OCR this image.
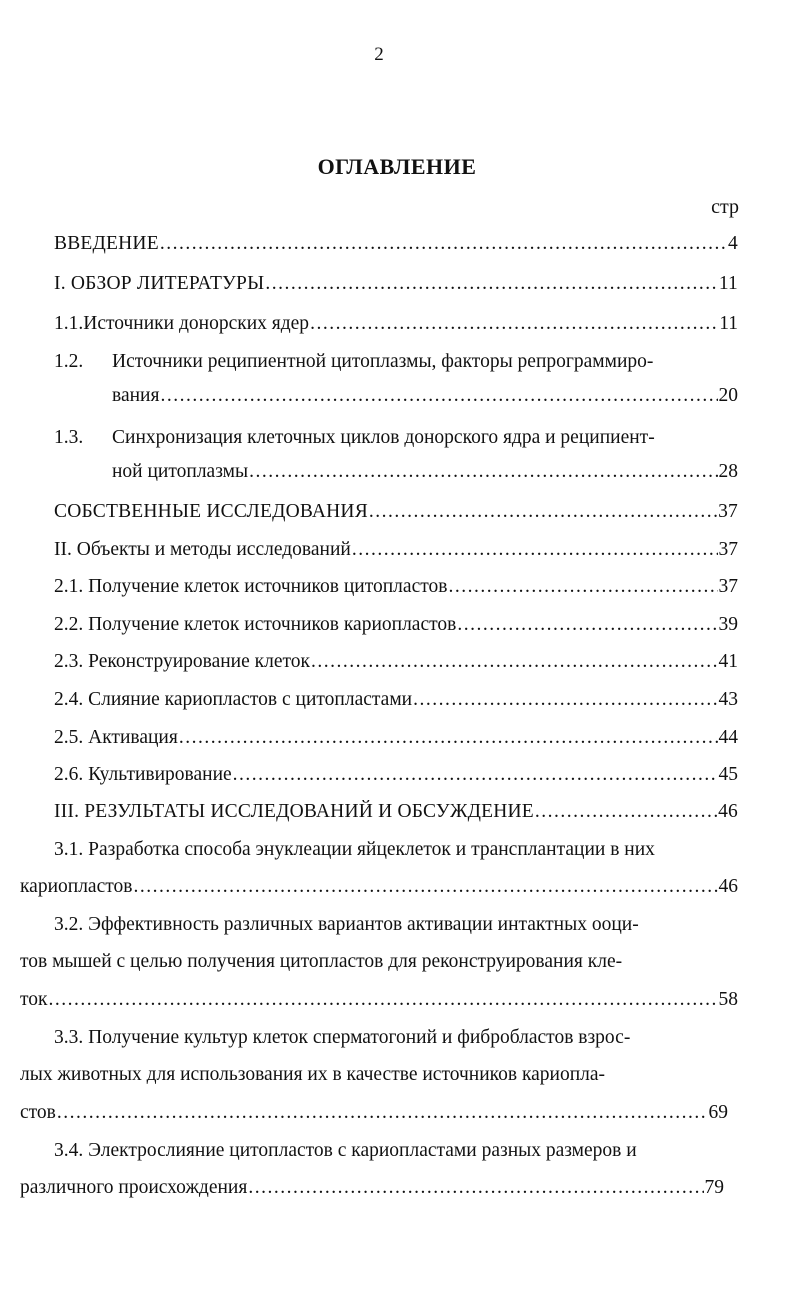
2
ОГЛАВЛЕНИЕ
стр
ВВЕДЕНИЕ .....	4
I. ОБЗОР ЛИТЕРАТУРЫ .....	11
1.1. Источники донорских ядер .....	11
1.2. Источники реципиентной цитоплазмы, факторы репрограммиро-
вания .....	20
1.3. Синхронизация клеточных циклов донорского ядра и реципиент-
ной цитоплазмы .....	28
СОБСТВЕННЫЕ ИССЛЕДОВАНИЯ .....	37
II. Объекты и методы исследований .....	37
2.1. Получение клеток источников цитопластов .....	37
2.2. Получение клеток источников кариопластов .....	39
2.3. Реконструирование клеток .....	41
2.4. Слияние кариопластов с цитопластами .....	43
2.5. Активация .....	44
2.6. Культивирование .....	45
III. РЕЗУЛЬТАТЫ ИССЛЕДОВАНИЙ И ОБСУЖДЕНИЕ .....	46
3.1. Разработка способа энуклеации яйцеклеток и трансплантации в них
кариопластов .....	46
3.2. Эффективность различных вариантов активации интактных ооци-
тов мышей с целью получения цитопластов для реконструирования кле-
ток .....	58
3.3. Получение культур клеток сперматогоний и фибробластов взрос-
лых животных для использования их в качестве источников кариопла-
стов .....	69
3.4. Электрослияние цитопластов с кариопластами разных размеров и
различного происхождения .....	79
